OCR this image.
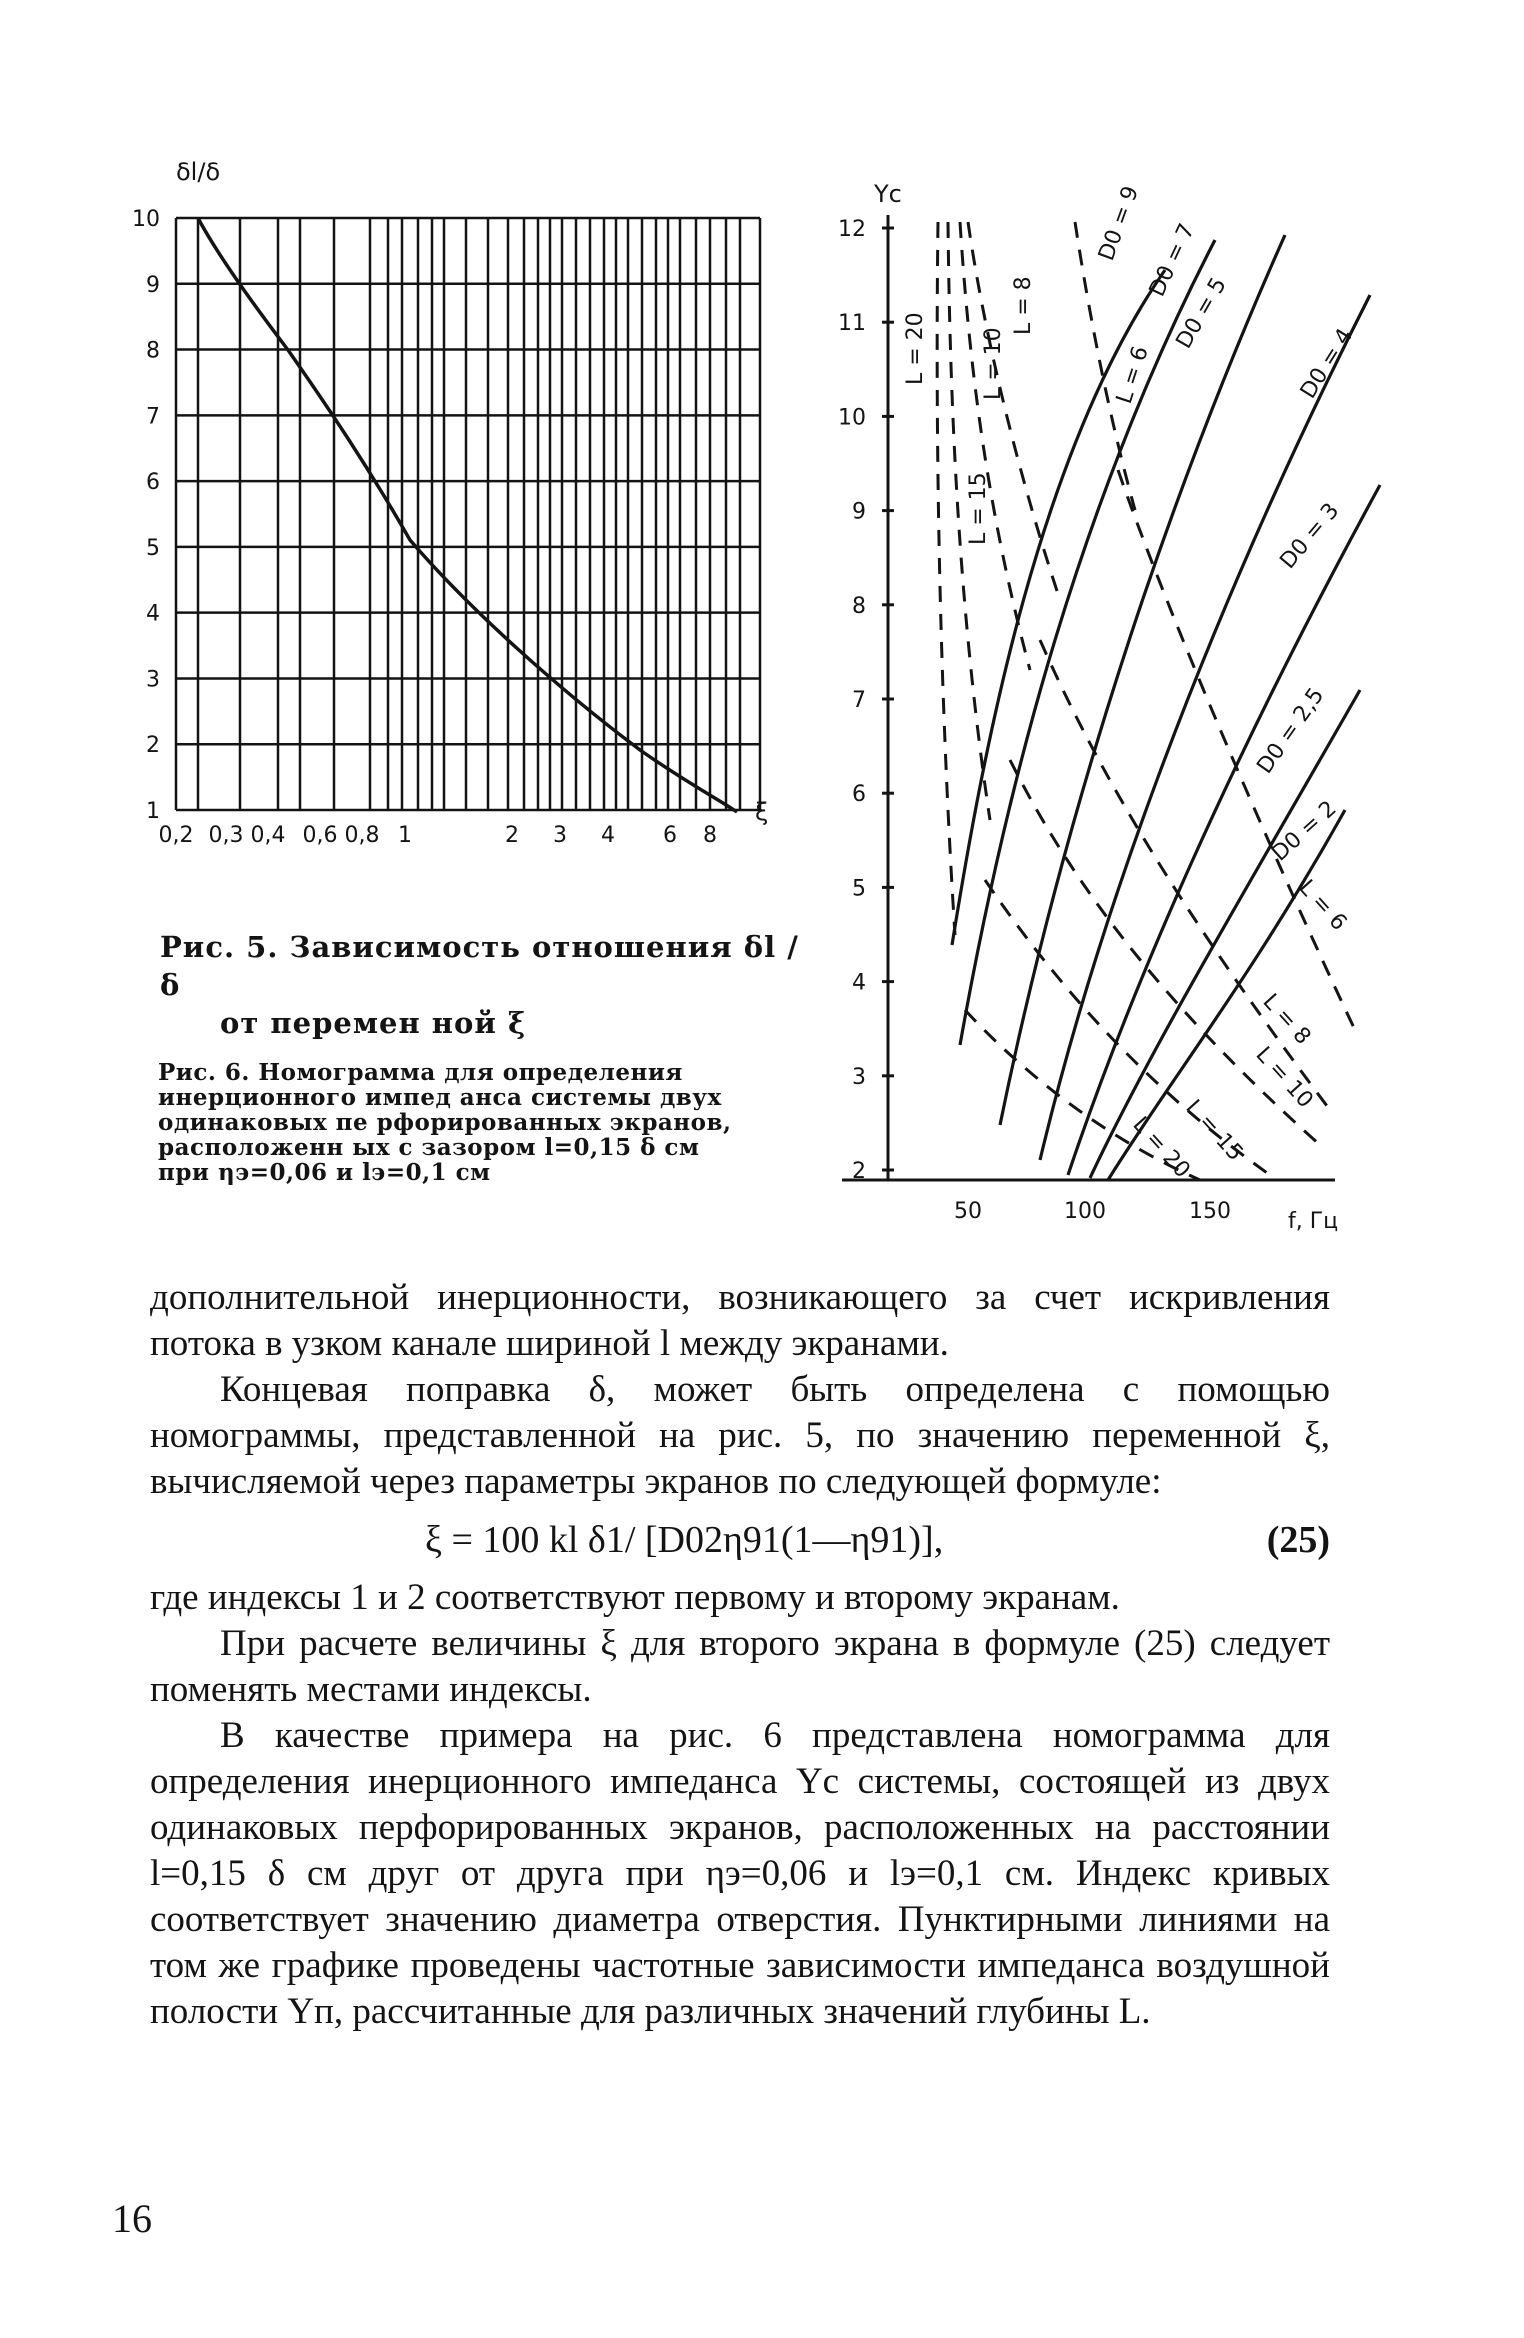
δl/δ
10
9
8
7
6
5
4
3
2
1
0,2 0,3 0,4 0,6 0,8 1	2 3 4 6 8
ξ
Yc
12
11
10
9
8
7
6
5
4
3
2
50	100	150	f, Гц
D0 = 9 D0 = 7
D0 = 5
D0 = 4
D0 = 3
D0 = 2,5
D0 = 2
L = 20
L = 15
L = 10
L = 8
L = 6
L = 6
L = 8
L = 10
L = 15
L = 20
Рис. 5. Зависимость отношения δl /δ
от перемен ной ξ
Рис. 6. Номограмма для определения инерционного импед анса системы двух одинаковых пе рфорированных экранов, расположенн ых с зазором l=0,15 δ см при ηэ=0,06 и lэ=0,1 см

дополнительной инерционности, возникающего за счет искривления потока в узком канале шириной l между экранами.

Концевая поправка δ, может быть определена с помощью номограммы, представленной на рис. 5, по значению переменной ξ, вычисляемой через параметры экранов по следующей формуле:

ξ = 100 kl δ1/ [D02η91(1—η91)],	(25)

где индексы 1 и 2 соответствуют первому и второму экранам.

При расчете величины ξ для второго экрана в формуле (25) следует поменять местами индексы.

В качестве примера на рис. 6 представлена номограмма для определения инерционного импеданса Yc системы, состоящей из двух одинаковых перфорированных экранов, расположенных на расстоянии l=0,15 δ см друг от друга при ηэ=0,06 и lэ=0,1 см. Индекс кривых соответствует значению диаметра отверстия. Пунктирными линиями на том же графике проведены частотные зависимости импеданса воздушной полости Yп, рассчитанные для различных значений глубины L.

16
